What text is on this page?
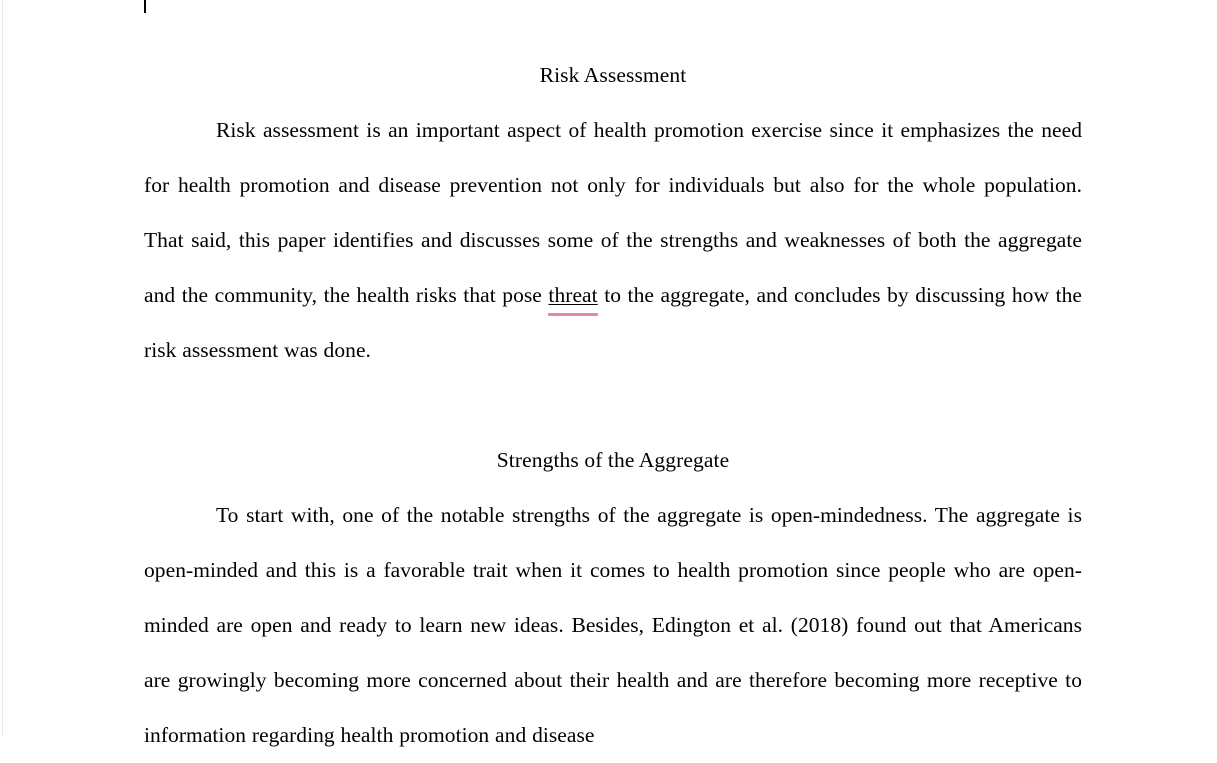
Risk Assessment

Risk assessment is an important aspect of health promotion exercise since it emphasizes the need for health promotion and disease prevention not only for individuals but also for the whole population. That said, this paper identifies and discusses some of the strengths and weaknesses of both the aggregate and the community, the health risks that pose threat to the aggregate, and concludes by discussing how the risk assessment was done.

Strengths of the Aggregate

To start with, one of the notable strengths of the aggregate is open-mindedness. The aggregate is open-minded and this is a favorable trait when it comes to health promotion since people who are open-minded are open and ready to learn new ideas. Besides, Edington et al. (2018) found out that Americans are growingly becoming more concerned about their health and are therefore becoming more receptive to information regarding health promotion and disease
